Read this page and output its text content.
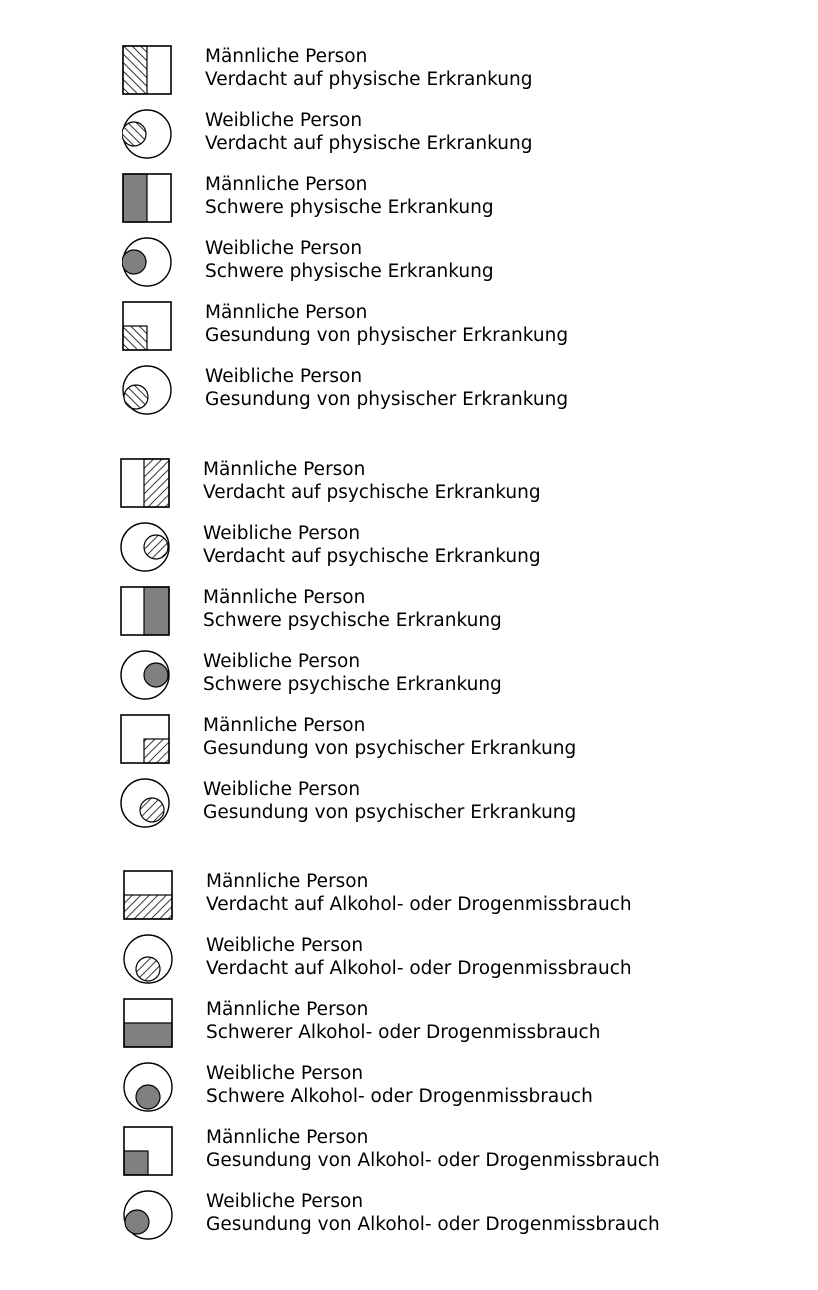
Männliche Person
Verdacht auf physische Erkrankung
Weibliche Person
Verdacht auf physische Erkrankung
Männliche Person
Schwere physische Erkrankung
Weibliche Person
Schwere physische Erkrankung
Männliche Person
Gesundung von physischer Erkrankung
Weibliche Person
Gesundung von physischer Erkrankung
Männliche Person
Verdacht auf psychische Erkrankung
Weibliche Person
Verdacht auf psychische Erkrankung
Männliche Person
Schwere psychische Erkrankung
Weibliche Person
Schwere psychische Erkrankung
Männliche Person
Gesundung von psychischer Erkrankung
Weibliche Person
Gesundung von psychischer Erkrankung
Männliche Person
Verdacht auf Alkohol- oder Drogenmissbrauch
Weibliche Person
Verdacht auf Alkohol- oder Drogenmissbrauch
Männliche Person
Schwerer Alkohol- oder Drogenmissbrauch
Weibliche Person
Schwere Alkohol- oder Drogenmissbrauch
Männliche Person
Gesundung von Alkohol- oder Drogenmissbrauch
Weibliche Person
Gesundung von Alkohol- oder Drogenmissbrauch
